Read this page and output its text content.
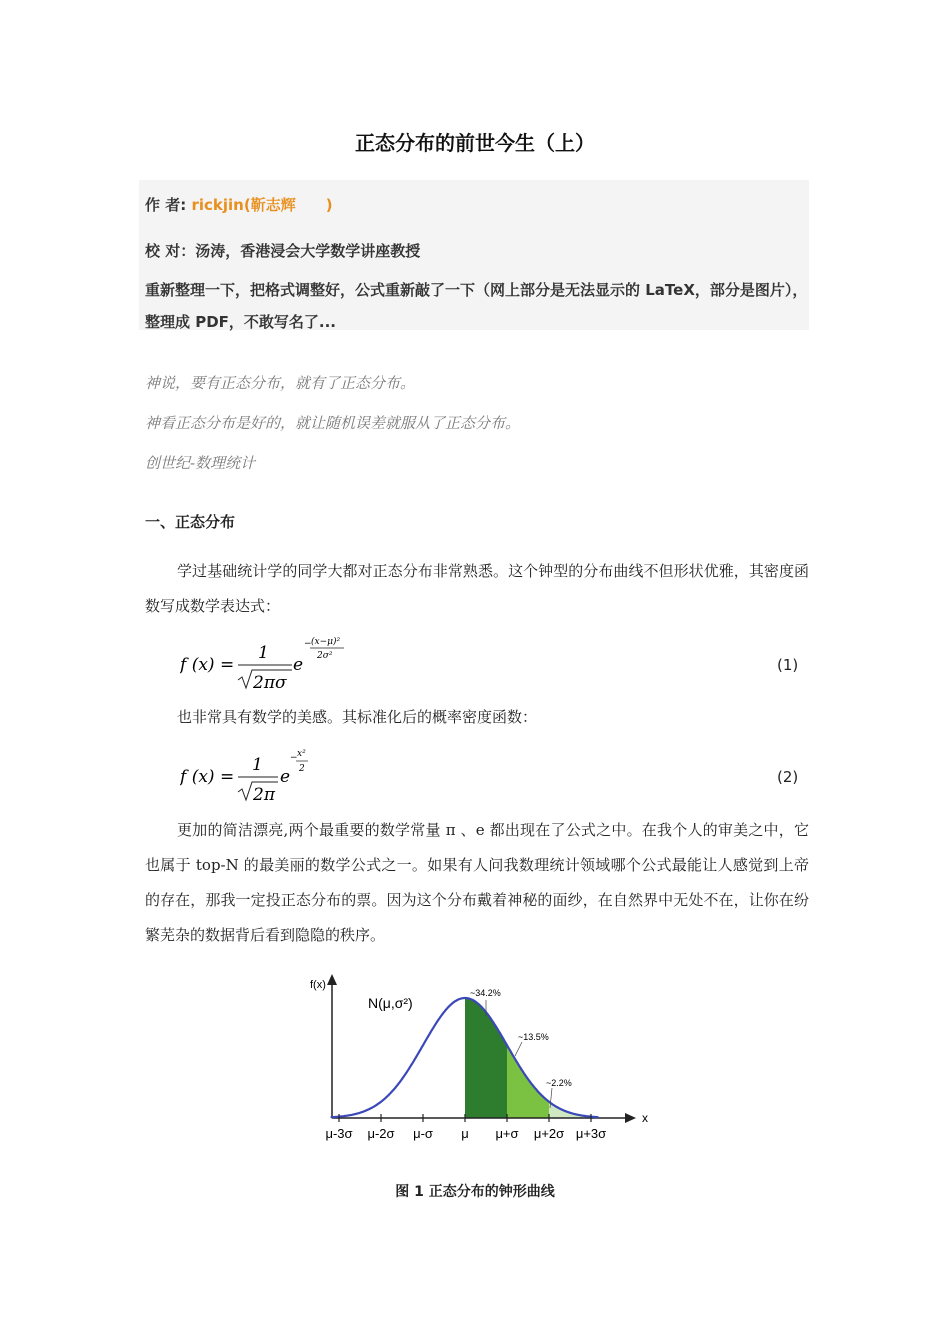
正态分布的前世今生（上）
作 者: rickjin(靳志辉　　)
校 对：汤涛，香港浸会大学数学讲座教授
重新整理一下，把格式调整好，公式重新敲了一下（网上部分是无法显示的 LaTeX，部分是图片），整理成 PDF，不敢写名了...
神说，要有正态分布，就有了正态分布。
神看正态分布是好的，就让随机误差就服从了正态分布。
创世纪-数理统计
一、正态分布
学过基础统计学的同学大都对正态分布非常熟悉。这个钟型的分布曲线不但形状优雅，其密度函数写成数学表达式：
f (x) =
1
2πσ
e
− (x−μ)²
2σ²	(1)
也非常具有数学的美感。其标准化后的概率密度函数：
f (x) =
1
2π
e
− x²
2	(2)
更加的简洁漂亮,两个最重要的数学常量 π 、e 都出现在了公式之中。在我个人的审美之中，它也属于 top-N 的最美丽的数学公式之一。如果有人问我数理统计领域哪个公式最能让人感觉到上帝的存在，那我一定投正态分布的票。因为这个分布戴着神秘的面纱，在自然界中无处不在，让你在纷繁芜杂的数据背后看到隐隐的秩序。
μ-3σ μ-2σ μ-σ μ μ+σ μ+2σ μ+3σ
f(x)
x
N(μ,σ²)
~34.2%
~13.5%
~2.2%
图 1 正态分布的钟形曲线
